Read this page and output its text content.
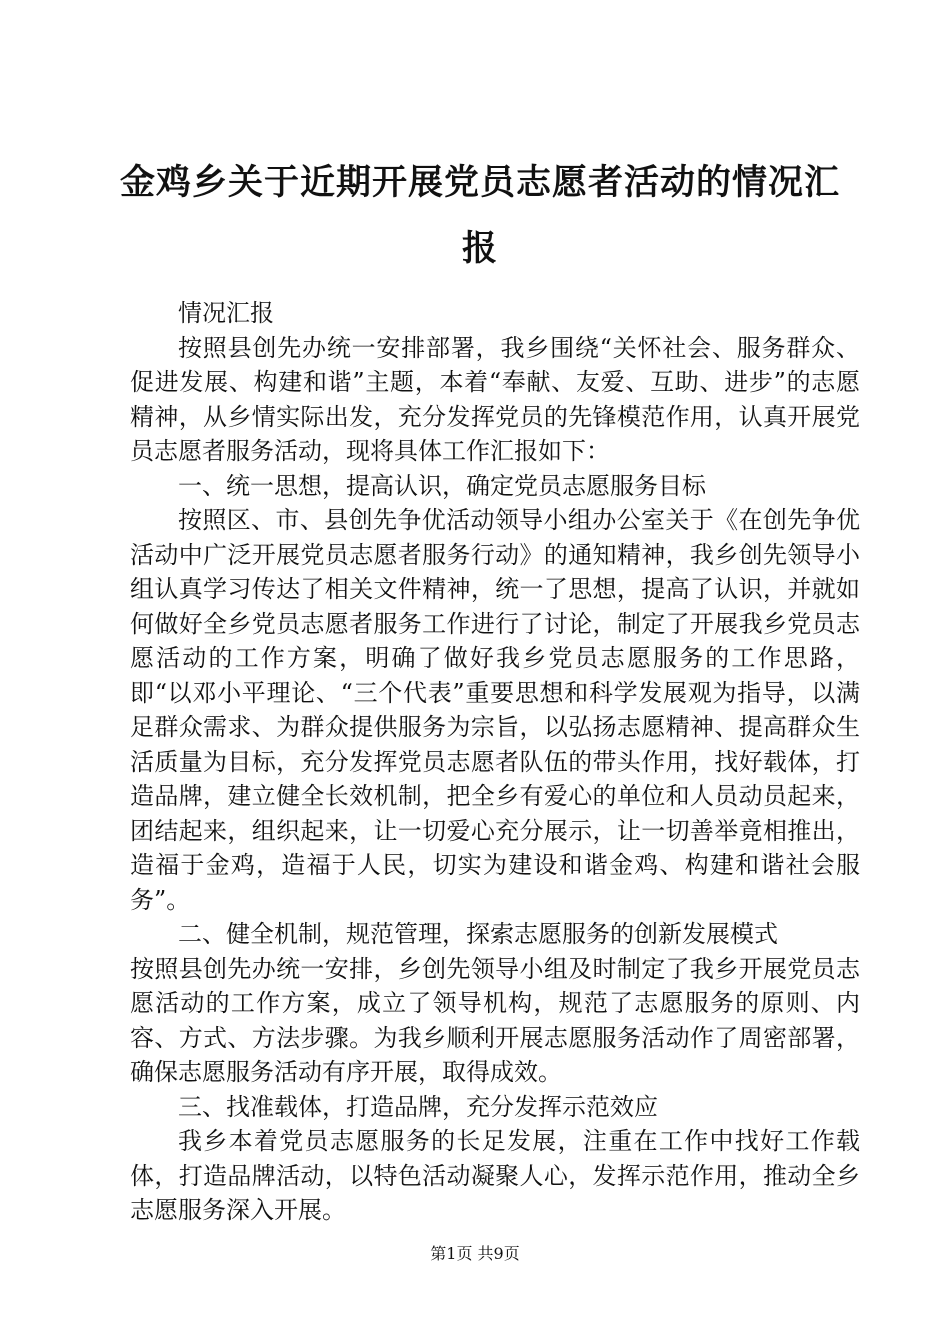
金鸡乡关于近期开展党员志愿者活动的情况汇报

情况汇报

按照县创先办统一安排部署，我乡围绕“关怀社会、服务群众、促进发展、构建和谐”主题，本着“奉献、友爱、互助、进步”的志愿精神，从乡情实际出发，充分发挥党员的先锋模范作用，认真开展党员志愿者服务活动，现将具体工作汇报如下：

一、统一思想，提高认识，确定党员志愿服务目标

按照区、市、县创先争优活动领导小组办公室关于《在创先争优活动中广泛开展党员志愿者服务行动》的通知精神，我乡创先领导小组认真学习传达了相关文件精神，统一了思想，提高了认识，并就如何做好全乡党员志愿者服务工作进行了讨论，制定了开展我乡党员志愿活动的工作方案，明确了做好我乡党员志愿服务的工作思路，即“以邓小平理论、“三个代表”重要思想和科学发展观为指导，以满足群众需求、为群众提供服务为宗旨，以弘扬志愿精神、提高群众生活质量为目标，充分发挥党员志愿者队伍的带头作用，找好载体，打造品牌，建立健全长效机制，把全乡有爱心的单位和人员动员起来，团结起来，组织起来，让一切爱心充分展示，让一切善举竟相推出，造福于金鸡，造福于人民，切实为建设和谐金鸡、构建和谐社会服务”。

二、健全机制，规范管理，探索志愿服务的创新发展模式

按照县创先办统一安排，乡创先领导小组及时制定了我乡开展党员志愿活动的工作方案，成立了领导机构，规范了志愿服务的原则、内容、方式、方法步骤。为我乡顺利开展志愿服务活动作了周密部署，确保志愿服务活动有序开展，取得成效。

三、找准载体，打造品牌，充分发挥示范效应

我乡本着党员志愿服务的长足发展，注重在工作中找好工作载体，打造品牌活动，以特色活动凝聚人心，发挥示范作用，推动全乡志愿服务深入开展。

第1页 共9页
